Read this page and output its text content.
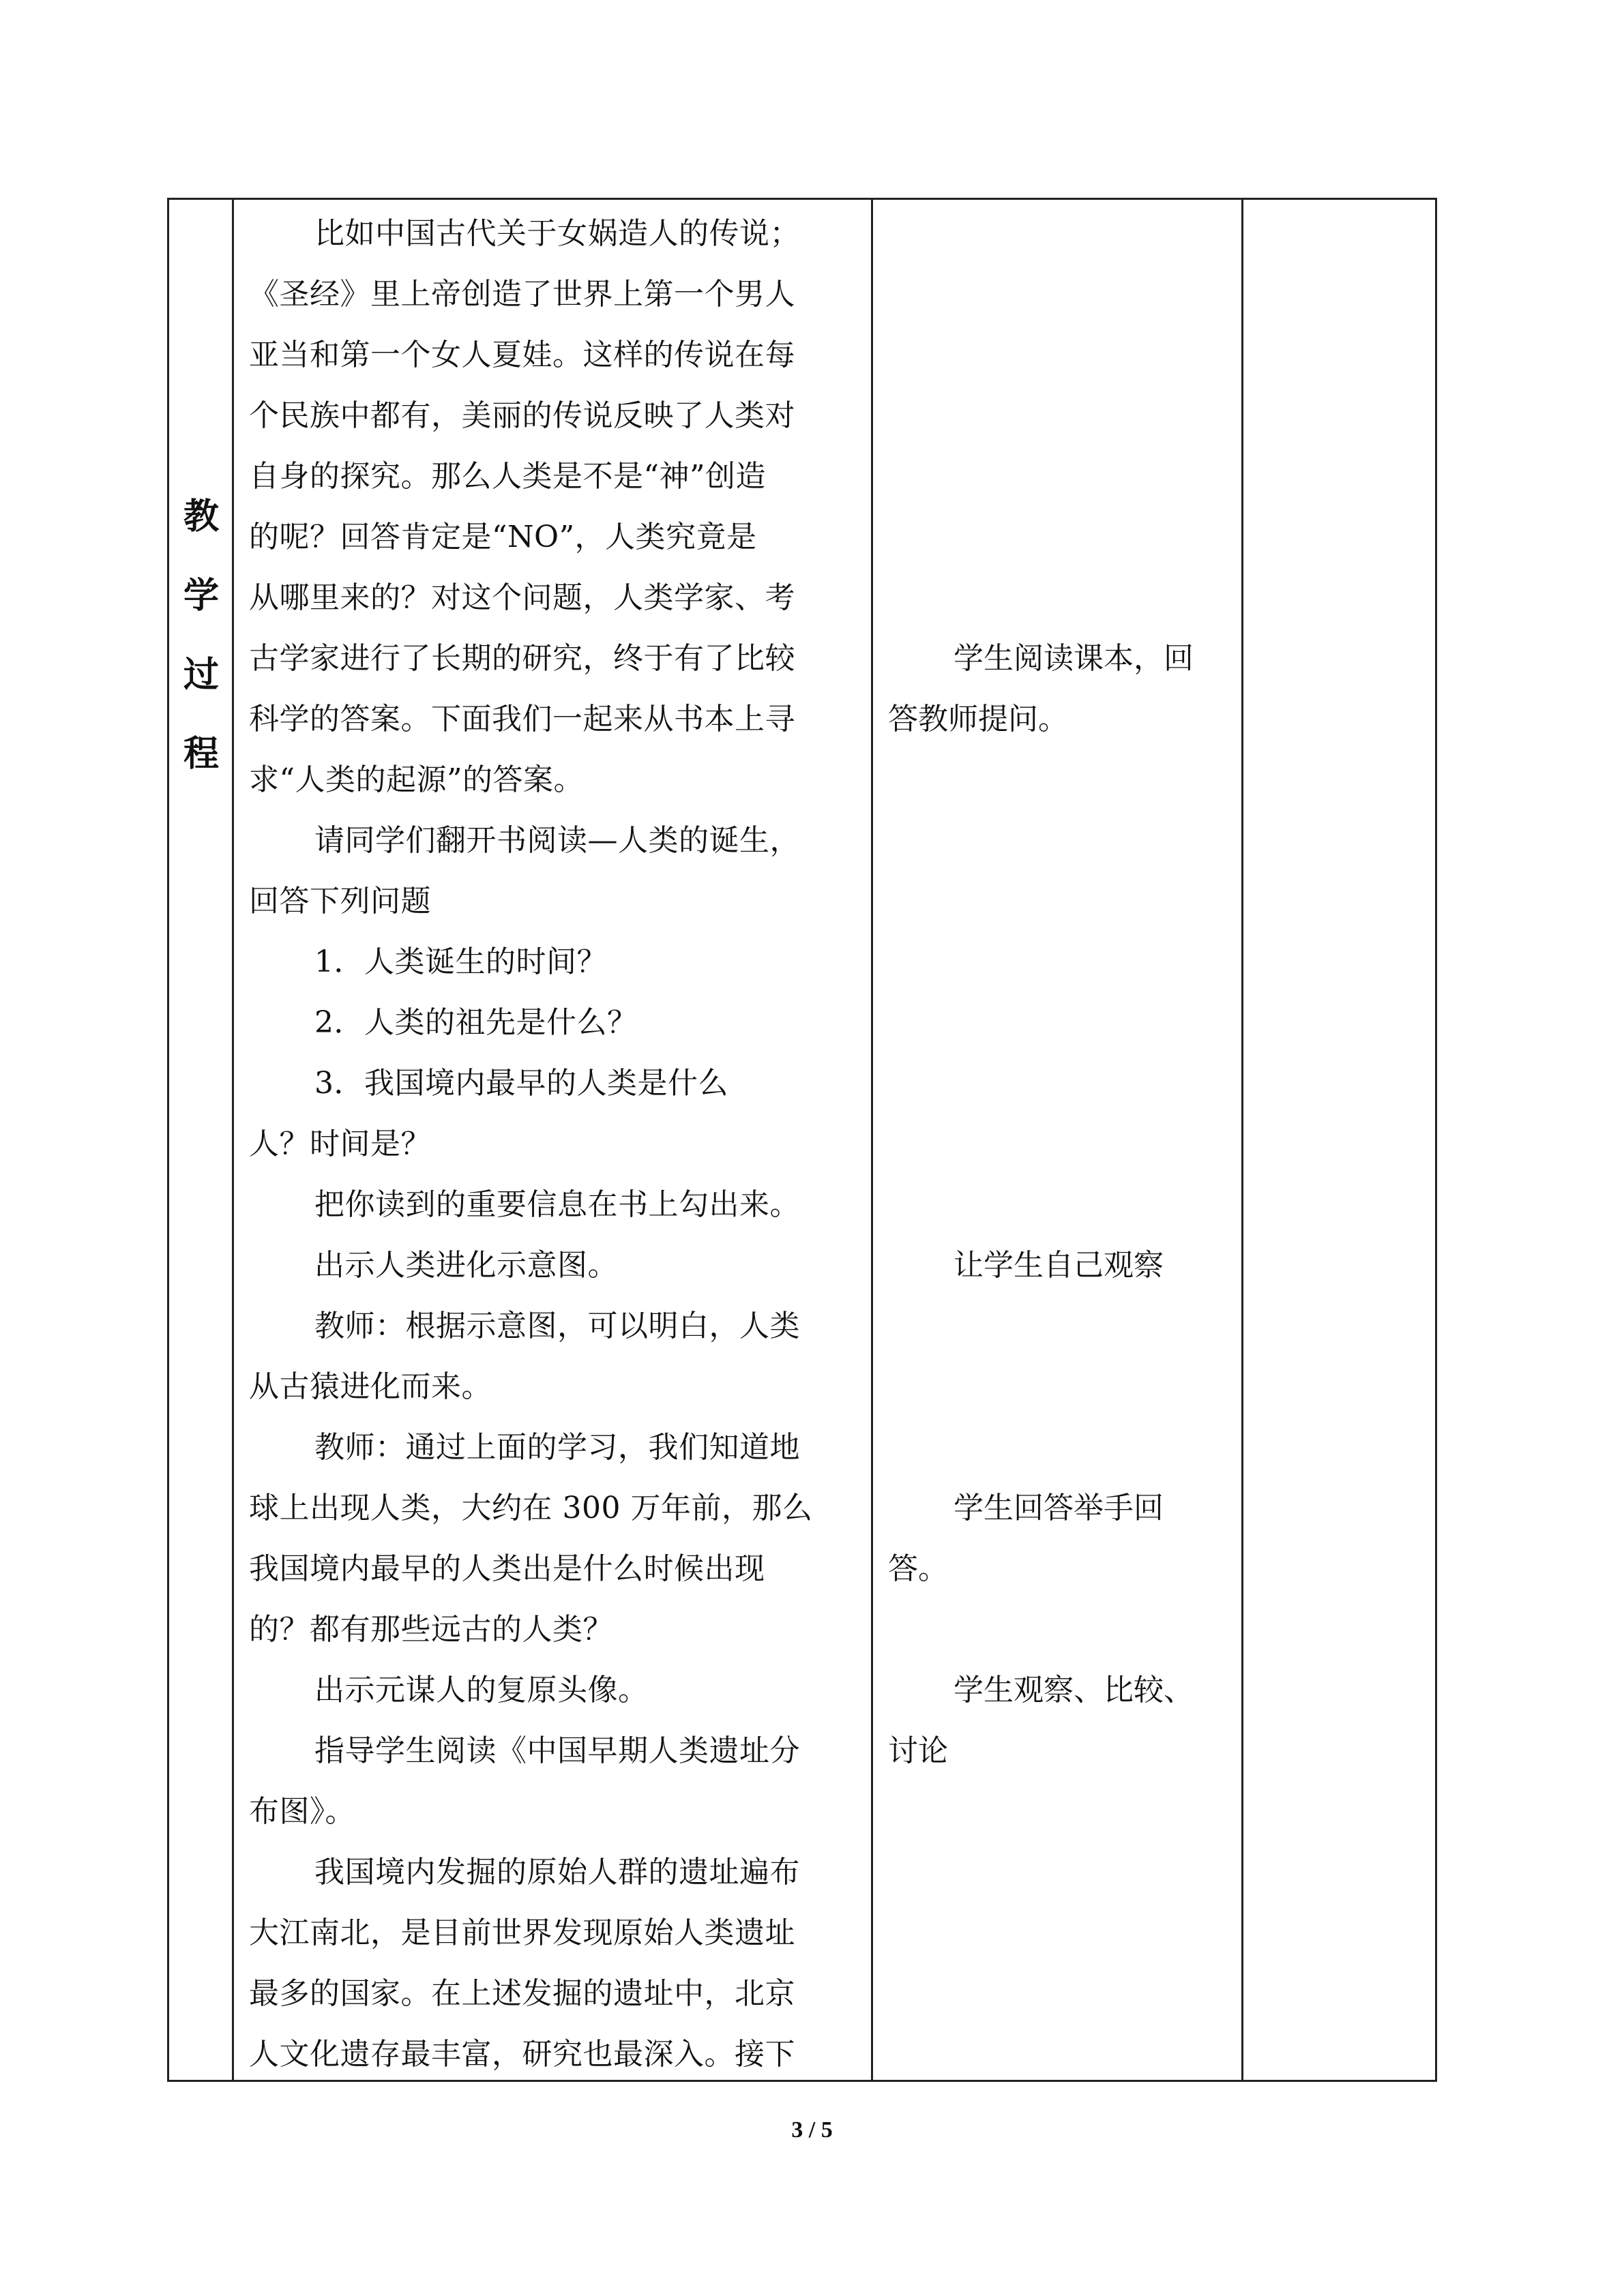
教
学
过
程
比如中国古代关于女娲造人的传说；
《圣经》里上帝创造了世界上第一个男人
亚当和第一个女人夏娃。这样的传说在每
个民族中都有，美丽的传说反映了人类对
自身的探究。那么人类是不是“神”创造
的呢？回答肯定是“NO”，人类究竟是
从哪里来的？对这个问题，人类学家、考
古学家进行了长期的研究，终于有了比较
科学的答案。下面我们一起来从书本上寻
求“人类的起源”的答案。
请同学们翻开书阅读—人类的诞生，
回答下列问题
1．人类诞生的时间？
2．人类的祖先是什么？
3．我国境内最早的人类是什么
人？时间是？
把你读到的重要信息在书上勾出来。
出示人类进化示意图。
教师：根据示意图，可以明白，人类
从古猿进化而来。
教师：通过上面的学习，我们知道地
球上出现人类，大约在 300 万年前，那么
我国境内最早的人类出是什么时候出现
的？都有那些远古的人类？
出示元谋人的复原头像。
指导学生阅读《中国早期人类遗址分
布图》。
我国境内发掘的原始人群的遗址遍布
大江南北，是目前世界发现原始人类遗址
最多的国家。在上述发掘的遗址中，北京
人文化遗存最丰富，研究也最深入。接下
学生阅读课本，回
答教师提问。
让学生自己观察
学生回答举手回
答。
学生观察、比较、
讨论
3 / 5
